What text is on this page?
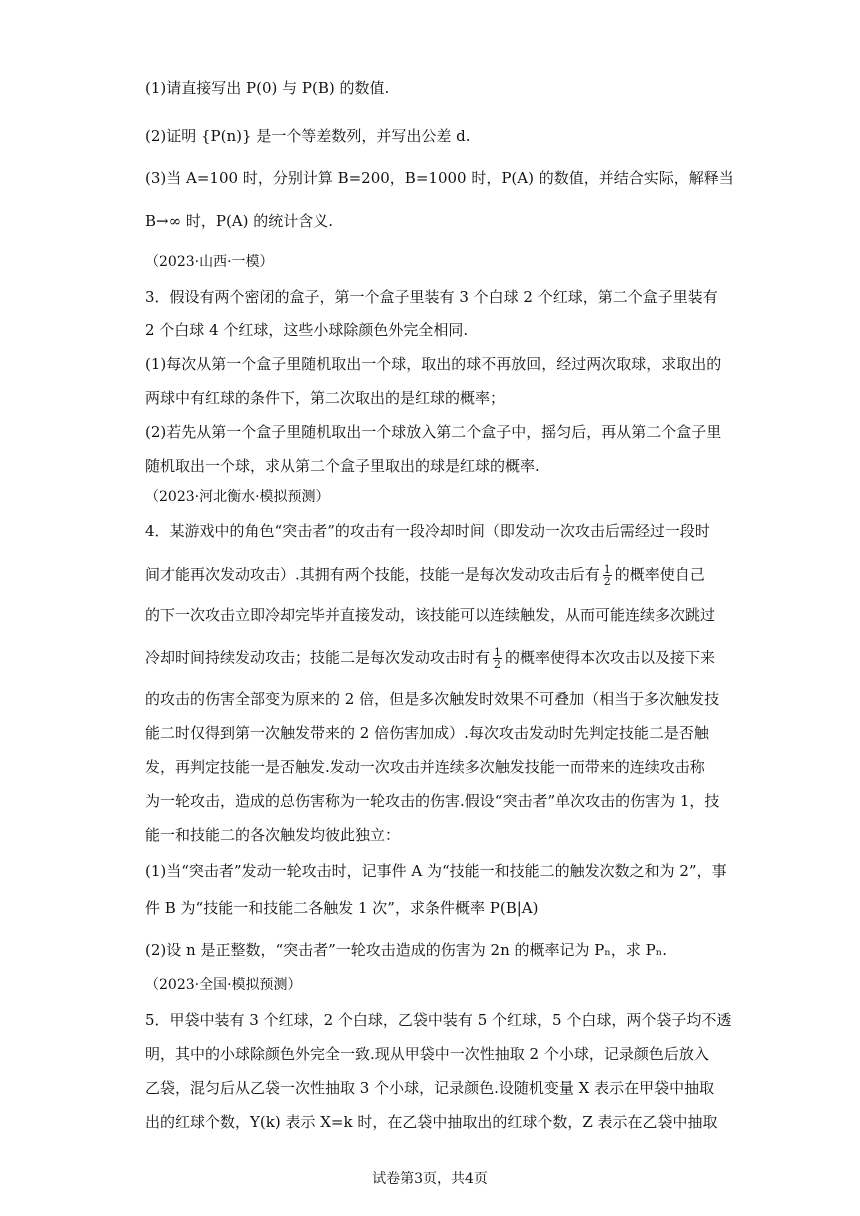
(1)请直接写出 P(0) 与 P(B) 的数值.
(2)证明 {P(n)} 是一个等差数列，并写出公差 d.
(3)当 A=100 时，分别计算 B=200，B=1000 时，P(A) 的数值，并结合实际，解释当
B→∞ 时，P(A) 的统计含义.
（2023·山西·一模）
3．假设有两个密闭的盒子，第一个盒子里装有 3 个白球 2 个红球，第二个盒子里装有
2 个白球 4 个红球，这些小球除颜色外完全相同.
(1)每次从第一个盒子里随机取出一个球，取出的球不再放回，经过两次取球，求取出的
两球中有红球的条件下，第二次取出的是红球的概率；
(2)若先从第一个盒子里随机取出一个球放入第二个盒子中，摇匀后，再从第二个盒子里
随机取出一个球，求从第二个盒子里取出的球是红球的概率.
（2023·河北衡水·模拟预测）
4．某游戏中的角色“突击者”的攻击有一段冷却时间（即发动一次攻击后需经过一段时
间才能再次发动攻击）.其拥有两个技能，技能一是每次发动攻击后有 $\frac{1}{2}$ 的概率使自己
的下一次攻击立即冷却完毕并直接发动，该技能可以连续触发，从而可能连续多次跳过
冷却时间持续发动攻击；技能二是每次发动攻击时有 $\frac{1}{2}$ 的概率使得本次攻击以及接下来
的攻击的伤害全部变为原来的 2 倍，但是多次触发时效果不可叠加（相当于多次触发技
能二时仅得到第一次触发带来的 2 倍伤害加成）.每次攻击发动时先判定技能二是否触
发，再判定技能一是否触发.发动一次攻击并连续多次触发技能一而带来的连续攻击称
为一轮攻击，造成的总伤害称为一轮攻击的伤害.假设“突击者”单次攻击的伤害为 1，技
能一和技能二的各次触发均彼此独立：
(1)当“突击者”发动一轮攻击时，记事件 A 为“技能一和技能二的触发次数之和为 2”，事
件 B 为“技能一和技能二各触发 1 次”，求条件概率 P(B|A)
(2)设 n 是正整数，“突击者”一轮攻击造成的伤害为 2n 的概率记为 Pₙ，求 Pₙ.
（2023·全国·模拟预测）
5．甲袋中装有 3 个红球，2 个白球，乙袋中装有 5 个红球，5 个白球，两个袋子均不透
明，其中的小球除颜色外完全一致.现从甲袋中一次性抽取 2 个小球，记录颜色后放入
乙袋，混匀后从乙袋一次性抽取 3 个小球，记录颜色.设随机变量 X 表示在甲袋中抽取
出的红球个数，Y(k) 表示 X=k 时，在乙袋中抽取出的红球个数，Z 表示在乙袋中抽取
试卷第3页，共4页
